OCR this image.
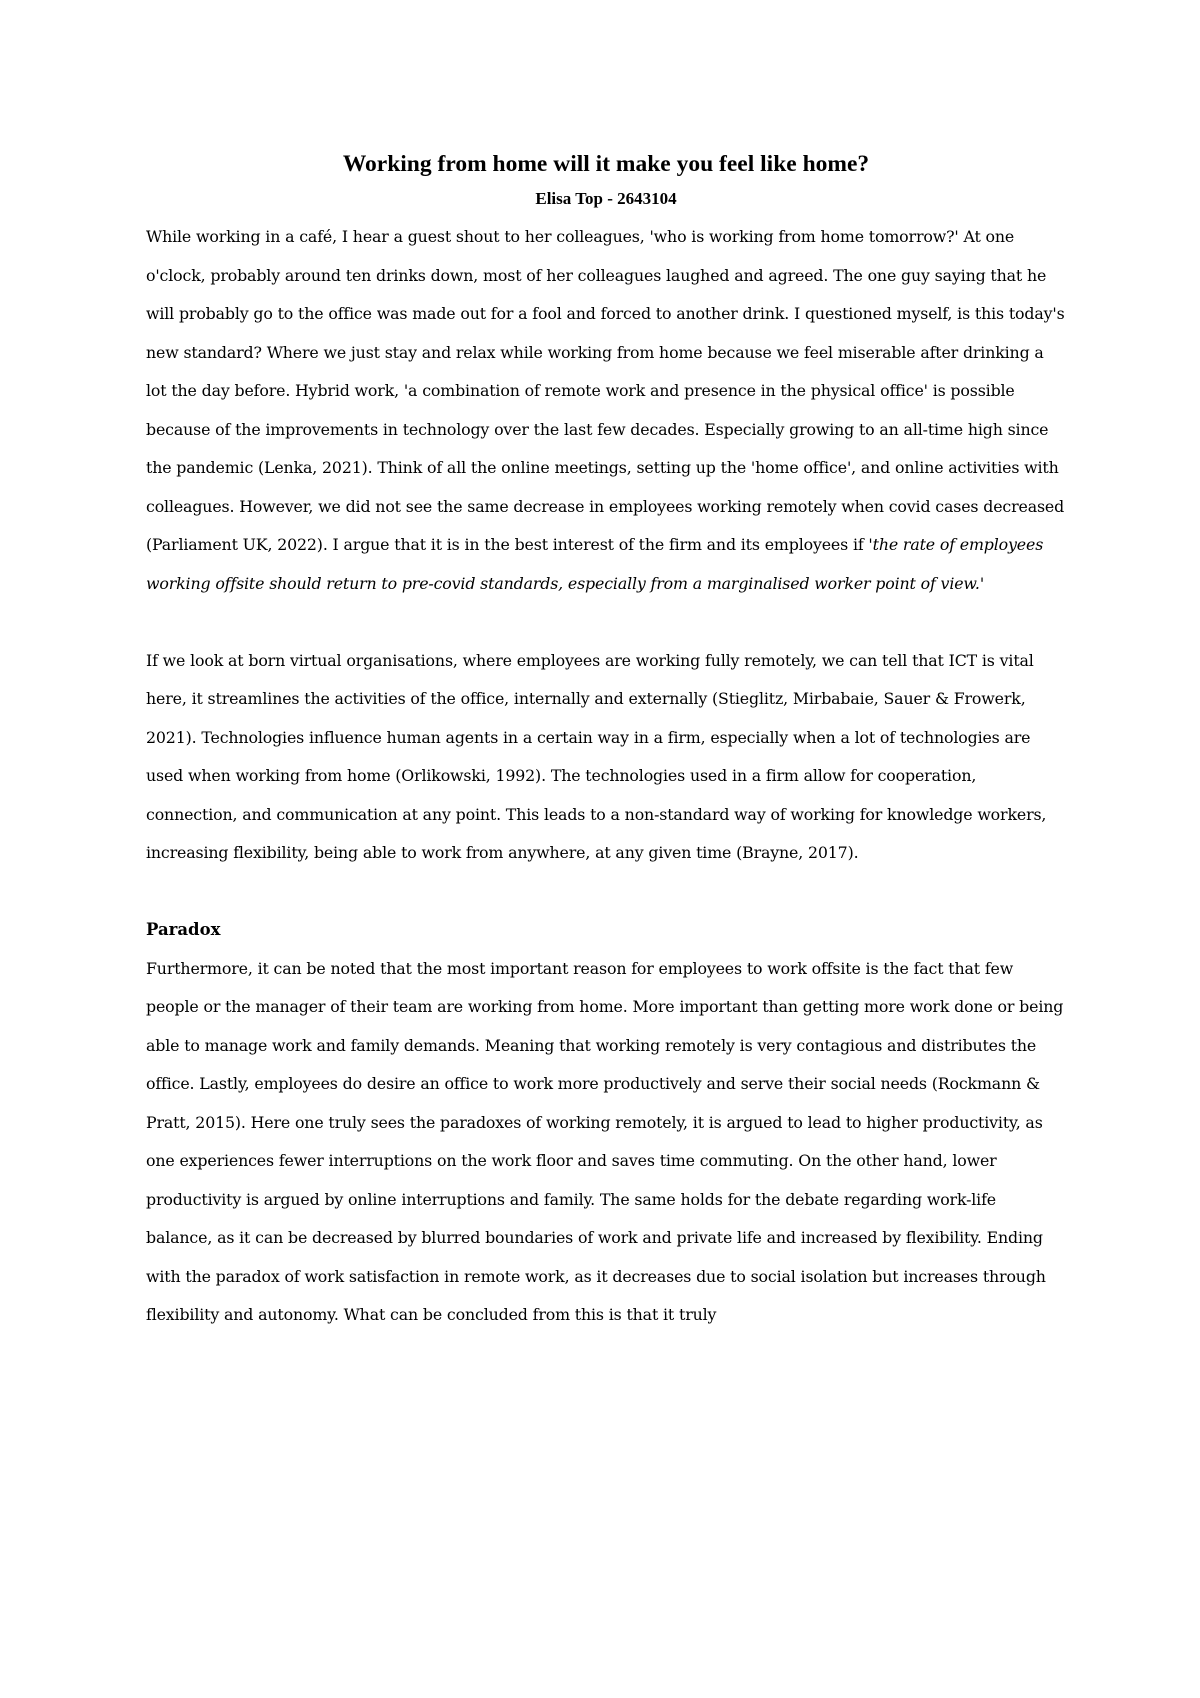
Working from home will it make you feel like home?
Elisa Top - 2643104

While working in a café, I hear a guest shout to her colleagues, 'who is working from home tomorrow?' At one o'clock, probably around ten drinks down, most of her colleagues laughed and agreed. The one guy saying that he will probably go to the office was made out for a fool and forced to another drink. I questioned myself, is this today's new standard? Where we just stay and relax while working from home because we feel miserable after drinking a lot the day before. Hybrid work, 'a combination of remote work and presence in the physical office' is possible because of the improvements in technology over the last few decades. Especially growing to an all-time high since the pandemic (Lenka, 2021). Think of all the online meetings, setting up the 'home office', and online activities with colleagues. However, we did not see the same decrease in employees working remotely when covid cases decreased (Parliament UK, 2022). I argue that it is in the best interest of the firm and its employees if 'the rate of employees working offsite should return to pre-covid standards, especially from a marginalised worker point of view.'

If we look at born virtual organisations, where employees are working fully remotely, we can tell that ICT is vital here, it streamlines the activities of the office, internally and externally (Stieglitz, Mirbabaie, Sauer & Frowerk, 2021). Technologies influence human agents in a certain way in a firm, especially when a lot of technologies are used when working from home (Orlikowski, 1992). The technologies used in a firm allow for cooperation, connection, and communication at any point. This leads to a non-standard way of working for knowledge workers, increasing flexibility, being able to work from anywhere, at any given time (Brayne, 2017).

Paradox

Furthermore, it can be noted that the most important reason for employees to work offsite is the fact that few people or the manager of their team are working from home. More important than getting more work done or being able to manage work and family demands. Meaning that working remotely is very contagious and distributes the office. Lastly, employees do desire an office to work more productively and serve their social needs (Rockmann & Pratt, 2015). Here one truly sees the paradoxes of working remotely, it is argued to lead to higher productivity, as one experiences fewer interruptions on the work floor and saves time commuting. On the other hand, lower productivity is argued by online interruptions and family. The same holds for the debate regarding work-life balance, as it can be decreased by blurred boundaries of work and private life and increased by flexibility. Ending with the paradox of work satisfaction in remote work, as it decreases due to social isolation but increases through flexibility and autonomy. What can be concluded from this is that it truly
